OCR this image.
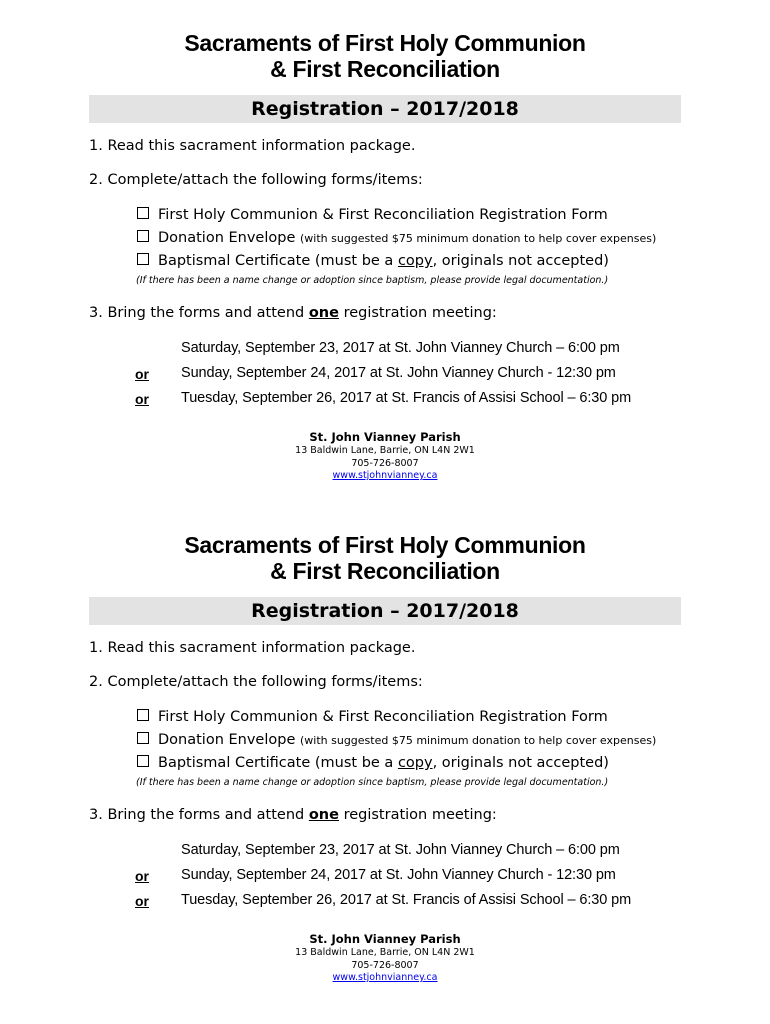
Sacraments of First Holy Communion
& First Reconciliation
Registration – 2017/2018
1. Read this sacrament information package.
2. Complete/attach the following forms/items:
First Holy Communion & First Reconciliation Registration Form
Donation Envelope (with suggested $75 minimum donation to help cover expenses)
Baptismal Certificate (must be a copy, originals not accepted)
(If there has been a name change or adoption since baptism, please provide legal documentation.)
3. Bring the forms and attend one registration meeting:
Saturday, September 23, 2017 at St. John Vianney Church – 6:00 pm
or Sunday, September 24, 2017 at St. John Vianney Church - 12:30 pm
or Tuesday, September 26, 2017 at St. Francis of Assisi School – 6:30 pm
St. John Vianney Parish
13 Baldwin Lane, Barrie, ON L4N 2W1
705-726-8007
www.stjohnvianney.ca
Sacraments of First Holy Communion
& First Reconciliation
Registration – 2017/2018
1. Read this sacrament information package.
2. Complete/attach the following forms/items:
First Holy Communion & First Reconciliation Registration Form
Donation Envelope (with suggested $75 minimum donation to help cover expenses)
Baptismal Certificate (must be a copy, originals not accepted)
(If there has been a name change or adoption since baptism, please provide legal documentation.)
3. Bring the forms and attend one registration meeting:
Saturday, September 23, 2017 at St. John Vianney Church – 6:00 pm
or Sunday, September 24, 2017 at St. John Vianney Church - 12:30 pm
or Tuesday, September 26, 2017 at St. Francis of Assisi School – 6:30 pm
St. John Vianney Parish
13 Baldwin Lane, Barrie, ON L4N 2W1
705-726-8007
www.stjohnvianney.ca
